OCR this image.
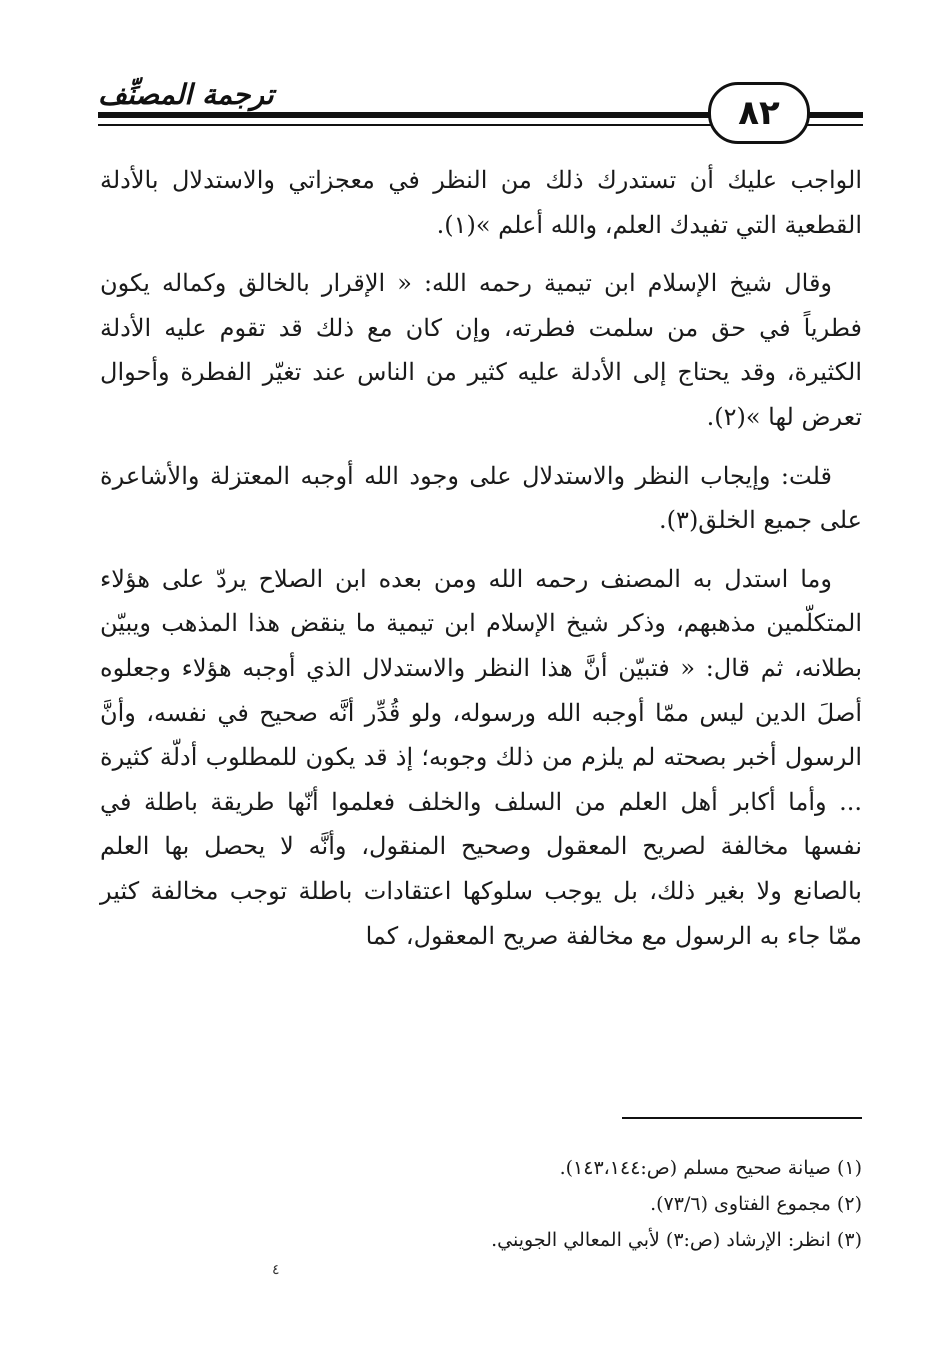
ترجمة المصنِّف	٨٢

الواجب عليك أن تستدرك ذلك من النظر في معجزاتي والاستدلال بالأدلة القطعية التي تفيدك العلم، والله أعلم »(١).

وقال شيخ الإسلام ابن تيمية رحمه الله: « الإقرار بالخالق وكماله يكون فطرياً في حق من سلمت فطرته، وإن كان مع ذلك قد تقوم عليه الأدلة الكثيرة، وقد يحتاج إلى الأدلة عليه كثير من الناس عند تغيّر الفطرة وأحوال تعرض لها »(٢).

قلت: وإيجاب النظر والاستدلال على وجود الله أوجبه المعتزلة والأشاعرة على جميع الخلق(٣).

وما استدل به المصنف رحمه الله ومن بعده ابن الصلاح يردّ على هؤلاء المتكلّمين مذهبهم، وذكر شيخ الإسلام ابن تيمية ما ينقض هذا المذهب ويبيّن بطلانه، ثم قال: « فتبيّن أنَّ هذا النظر والاستدلال الذي أوجبه هؤلاء وجعلوه أصلَ الدين ليس ممّا أوجبه الله ورسوله، ولو قُدِّر أنَّه صحيح في نفسه، وأنَّ الرسول أخبر بصحته لم يلزم من ذلك وجوبه؛ إذ قد يكون للمطلوب أدلّة كثيرة ... وأما أكابر أهل العلم من السلف والخلف فعلموا أنّها طريقة باطلة في نفسها مخالفة لصريح المعقول وصحيح المنقول، وأنَّه لا يحصل بها العلم بالصانع ولا بغير ذلك، بل يوجب سلوكها اعتقادات باطلة توجب مخالفة كثير ممّا جاء به الرسول مع مخالفة صريح المعقول، كما

(١) صيانة صحيح مسلم (ص:١٤٣،١٤٤).
(٢) مجموع الفتاوى (٧٣/٦).
(٣) انظر: الإرشاد (ص:٣) لأبي المعالي الجويني.
٤
